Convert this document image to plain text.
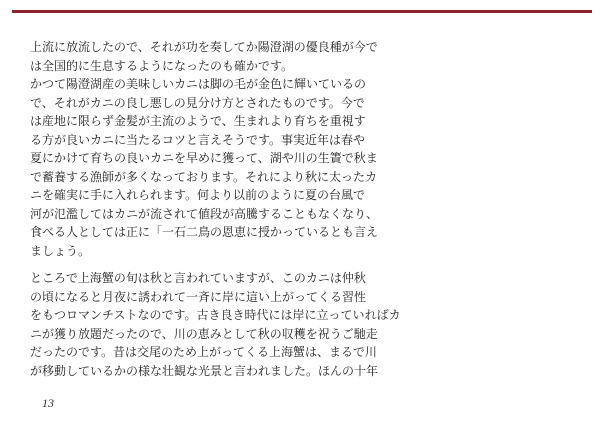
上流に放流したので、それが功を奏してか陽澄湖の優良種が今で

は全国的に生息するようになったのも確かです。

かつて陽澄湖産の美味しいカニは脚の毛が金色に輝いているの

で、それがカニの良し悪しの見分け方とされたものです。今で

は産地に限らず金髪が主流のようで、生まれより育ちを重視す

る方が良いカニに当たるコツと言えそうです。事実近年は春や

夏にかけて育ちの良いカニを早めに獲って、湖や川の生簀で秋ま

で蓄養する漁師が多くなっております。それにより秋に太ったカ

ニを確実に手に入れられます。何より以前のように夏の台風で

河が氾濫してはカニが流されて値段が高騰することもなくなり、

食べる人としては正に「一石二鳥の恩恵に授かっているとも言え

ましょう。

ところで上海蟹の旬は秋と言われていますが、このカニは仲秋

の頃になると月夜に誘われて一斉に岸に這い上がってくる習性

をもつロマンチストなのです。古き良き時代には岸に立っていればカ

ニが獲り放題だったので、川の恵みとして秋の収穫を祝うご馳走

だったのです。昔は交尾のため上がってくる上海蟹は、まるで川

が移動しているかの様な壮観な光景と言われました。ほんの十年

13
